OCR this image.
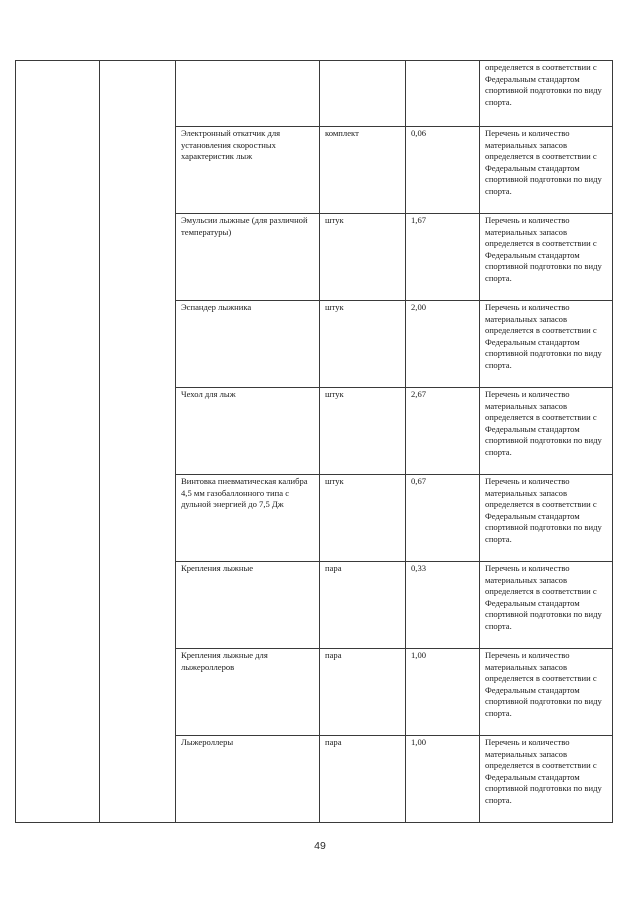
					определяется в соответствии с Федеральным стандартом спортивной подготовки по виду спорта.
		Электронный откатчик для установления скоростных характеристик лыж	комплект	0,06	Перечень и количество материальных запасов определяется в соответствии с Федеральным стандартом спортивной подготовки по виду спорта.
		Эмульсии лыжные (для различной температуры)	штук	1,67	Перечень и количество материальных запасов определяется в соответствии с Федеральным стандартом спортивной подготовки по виду спорта.
		Эспандер лыжника	штук	2,00	Перечень и количество материальных запасов определяется в соответствии с Федеральным стандартом спортивной подготовки по виду спорта.
		Чехол для лыж	штук	2,67	Перечень и количество материальных запасов определяется в соответствии с Федеральным стандартом спортивной подготовки по виду спорта.
		Винтовка пневматическая калибра 4,5 мм газобаллонного типа с дульной энергией до 7,5 Дж	штук	0,67	Перечень и количество материальных запасов определяется в соответствии с Федеральным стандартом спортивной подготовки по виду спорта.
		Крепления лыжные	пара	0,33	Перечень и количество материальных запасов определяется в соответствии с Федеральным стандартом спортивной подготовки по виду спорта.
		Крепления лыжные для лыжероллеров	пара	1,00	Перечень и количество материальных запасов определяется в соответствии с Федеральным стандартом спортивной подготовки по виду спорта.
		Лыжероллеры	пара	1,00	Перечень и количество материальных запасов определяется в соответствии с Федеральным стандартом спортивной подготовки по виду спорта.
49
